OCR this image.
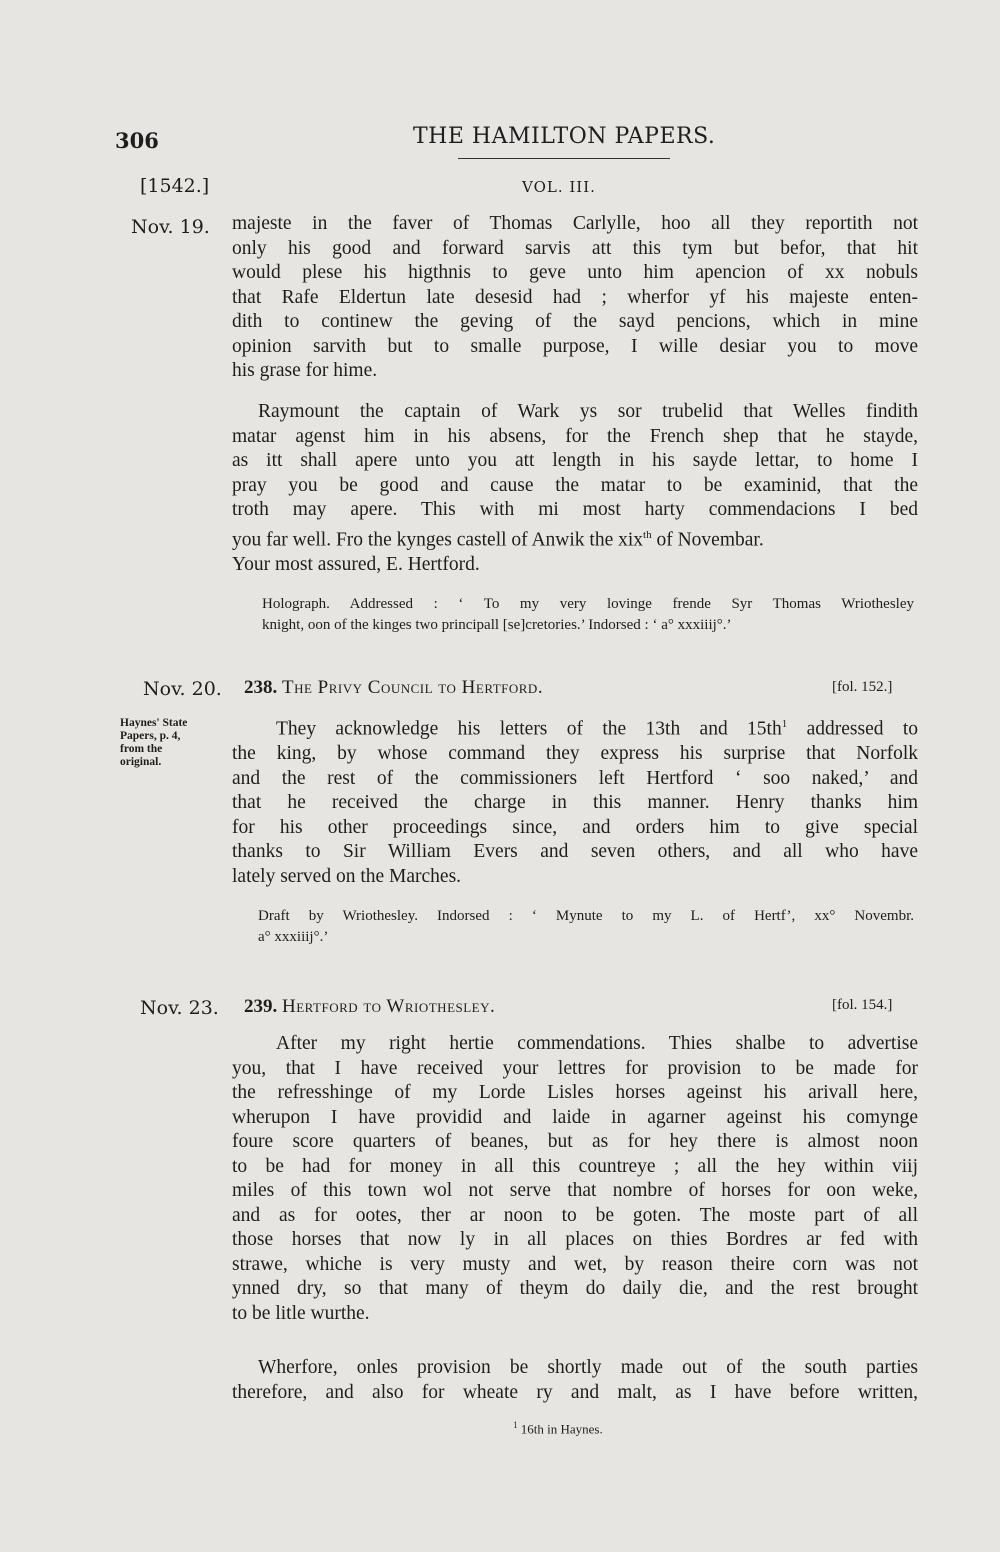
306	THE HAMILTON PAPERS.
[1542.]	VOL. III.
Nov. 19. majeste in the faver of Thomas Carlylle, hoo all they reportith not
only his good and forward sarvis att this tym but befor, that hit
would plese his higthnis to geve unto him apencion of xx nobuls
that Rafe Eldertun late desesid had ; wherfor yf his majeste enten-
dith to continew the geving of the sayd pencions, which in mine
opinion sarvith but to smalle purpose, I wille desiar you to move
his grase for hime.
Raymount the captain of Wark ys sor trubelid that Welles findith
matar agenst him in his absens, for the French shep that he stayde,
as itt shall apere unto you att length in his sayde lettar, to home I
pray you be good and cause the matar to be examinid, that the
troth may apere. This with mi most harty commendacions I bed
you far well. Fro the kynges castell of Anwik the xix$^{th}$ of Novembar.
Your most assured, E. Hertford.
Holograph. Addressed : ‘ To my very lovinge frende Syr Thomas Wriothesley
knight, oon of the kinges two principall [se]cretories.’ Indorsed : ‘ a° xxxiiij°.’
Nov. 20. 238. The Privy Council to Hertford.	[fol. 152.]
Haynes' State
Papers, p. 4,
from the
original.
They acknowledge his letters of the 13th and $15th^1$ addressed to
the king, by whose command they express his surprise that Norfolk
and the rest of the commissioners left Hertford ‘ soo naked,’ and
that he received the charge in this manner. Henry thanks him
for his other proceedings since, and orders him to give special
thanks to Sir William Evers and seven others, and all who have
lately served on the Marches.
Draft by Wriothesley. Indorsed : ‘ Mynute to my L. of Hertf’, xx° Novembr.
a° xxxiiij°.’
Nov. 23. 239. Hertford to Wriothesley.	[fol. 154.]
After my right hertie commendations. Thies shalbe to advertise
you, that I have received your lettres for provision to be made for
the refresshinge of my Lorde Lisles horses ageinst his arivall here,
wherupon I have providid and laide in agarner ageinst his comynge
foure score quarters of beanes, but as for hey there is almost noon
to be had for money in all this countreye ; all the hey within viij
miles of this town wol not serve that nombre of horses for oon weke,
and as for ootes, ther ar noon to be goten. The moste part of all
those horses that now ly in all places on thies Bordres ar fed with
strawe, whiche is very musty and wet, by reason theire corn was not
ynned dry, so that many of theym do daily die, and the rest brought
to be litle wurthe.
Wherfore, onles provision be shortly made out of the south parties
therefore, and also for wheate ry and malt, as I have before written,
$^1$ 16th in Haynes.
